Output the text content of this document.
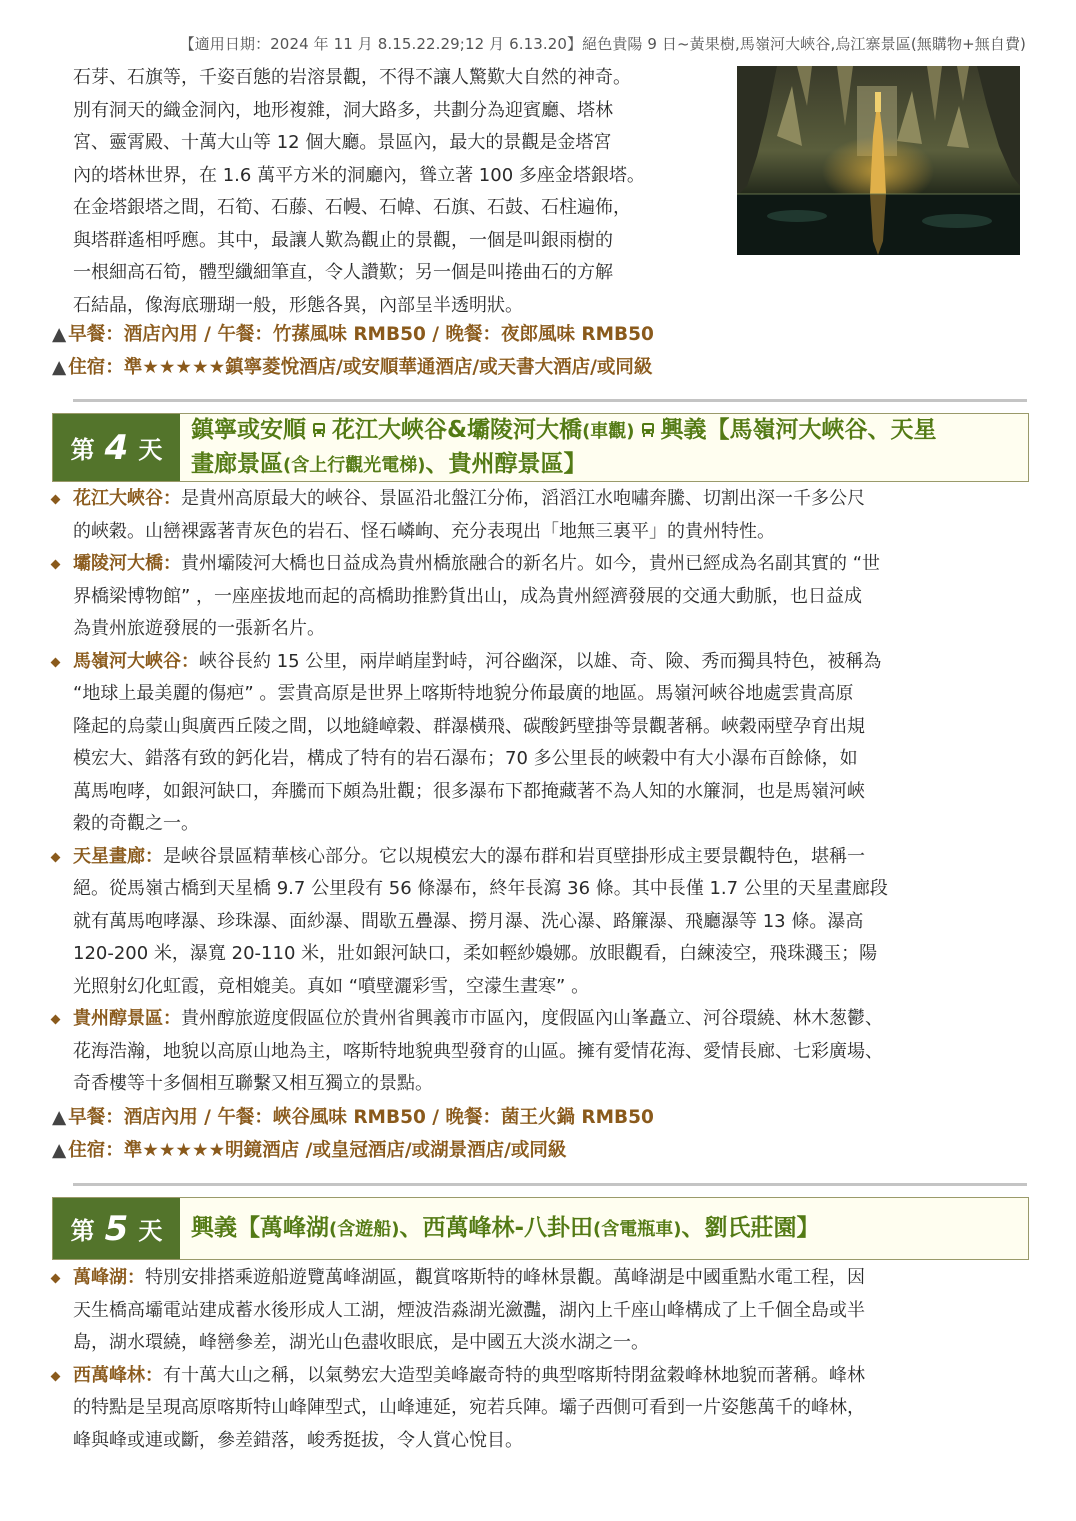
【適用日期：2024 年 11 月 8.15.22.29;12 月 6.13.20】絕色貴陽 9 日~黃果樹,馬嶺河大峽谷,烏江寨景區(無購物+無自費)

石芽、石旗等，千姿百態的岩溶景觀，不得不讓人驚歎大自然的神奇。

別有洞天的織金洞內，地形複雜，洞大路多，共劃分為迎賓廳、塔林

宮、靈霄殿、十萬大山等 12 個大廳。景區內，最大的景觀是金塔宮

內的塔林世界，在 1.6 萬平方米的洞廳內，聳立著 100 多座金塔銀塔。

在金塔銀塔之間，石筍、石藤、石幔、石幃、石旗、石鼓、石柱遍佈，

與塔群遙相呼應。其中，最讓人歎為觀止的景觀，一個是叫銀雨樹的

一根細高石筍，體型纖細筆直，令人讚歎；另一個是叫捲曲石的方解

石結晶，像海底珊瑚一般，形態各異，內部呈半透明狀。

▲ 早餐：酒店內用 / 午餐：竹蓀風味 RMB50 / 晚餐：夜郎風味 RMB50
▲ 住宿：準★★★★★鎮寧菱悅酒店/或安順華通酒店/或天書大酒店/或同級
第 4 天
鎮寧或安順 花江大峽谷&壩陵河大橋(車觀) 興義【馬嶺河大峽谷、天星
畫廊景區(含上行觀光電梯)、貴州醇景區】

花江大峽谷：是貴州高原最大的峽谷、景區沿北盤江分佈，滔滔江水咆嘯奔騰、切割出深一千多公尺

的峽穀。山巒裸露著青灰色的岩石、怪石嶙峋、充分表現出「地無三裏平」的貴州特性。

壩陵河大橋：貴州壩陵河大橋也日益成為貴州橋旅融合的新名片。如今，貴州已經成為名副其實的 “世

界橋梁博物館” ，一座座拔地而起的高橋助推黔貨出山，成為貴州經濟發展的交通大動脈，也日益成

為貴州旅遊發展的一張新名片。

馬嶺河大峽谷：峽谷長約 15 公里，兩岸峭崖對峙，河谷幽深，以雄、奇、險、秀而獨具特色，被稱為

“地球上最美麗的傷疤” 。雲貴高原是世界上喀斯特地貌分佈最廣的地區。馬嶺河峽谷地處雲貴高原

隆起的烏蒙山與廣西丘陵之間，以地縫嶂穀、群瀑橫飛、碳酸鈣壁掛等景觀著稱。峽穀兩壁孕育出規

模宏大、錯落有致的鈣化岩，構成了特有的岩石瀑布；70 多公里長的峽穀中有大小瀑布百餘條，如

萬馬咆哮，如銀河缺口，奔騰而下頗為壯觀；很多瀑布下都掩藏著不為人知的水簾洞，也是馬嶺河峽

穀的奇觀之一。

天星畫廊：是峽谷景區精華核心部分。它以規模宏大的瀑布群和岩頁壁掛形成主要景觀特色，堪稱一

絕。從馬嶺古橋到天星橋 9.7 公里段有 56 條瀑布，終年長瀉 36 條。其中長僅 1.7 公里的天星畫廊段

就有萬馬咆哮瀑、珍珠瀑、面紗瀑、間歇五疊瀑、撈月瀑、洗心瀑、路簾瀑、飛廳瀑等 13 條。瀑高

120-200 米，瀑寬 20-110 米，壯如銀河缺口，柔如輕紗嬝娜。放眼觀看，白練淩空，飛珠濺玉；陽

光照射幻化虹霞，竟相媲美。真如 “噴壁灑彩雪，空濛生晝寒” 。

貴州醇景區：貴州醇旅遊度假區位於貴州省興義市市區內，度假區內山峯矗立、河谷環繞、林木葱鬱、

花海浩瀚，地貌以高原山地為主，喀斯特地貌典型發育的山區。擁有愛情花海、愛情長廊、七彩廣場、

奇香樓等十多個相互聯繫又相互獨立的景點。

▲ 早餐：酒店內用 / 午餐：峽谷風味 RMB50 / 晚餐：菌王火鍋 RMB50
▲ 住宿：準★★★★★明鏡酒店 /或皇冠酒店/或湖景酒店/或同級
第 5 天 興義【萬峰湖(含遊船)、西萬峰林-八卦田(含電瓶車)、劉氏莊園】

萬峰湖：特別安排搭乘遊船遊覽萬峰湖區，觀賞喀斯特的峰林景觀。萬峰湖是中國重點水電工程，因

天生橋高壩電站建成蓄水後形成人工湖，煙波浩淼湖光瀲灩，湖內上千座山峰構成了上千個全島或半

島，湖水環繞，峰巒參差，湖光山色盡收眼底，是中國五大淡水湖之一。

西萬峰林：有十萬大山之稱，以氣勢宏大造型美峰巖奇特的典型喀斯特閉盆穀峰林地貌而著稱。峰林

的特點是呈現高原喀斯特山峰陣型式，山峰連延，宛若兵陣。壩子西側可看到一片姿態萬千的峰林，

峰與峰或連或斷，參差錯落，峻秀挺拔，令人賞心悅目。
